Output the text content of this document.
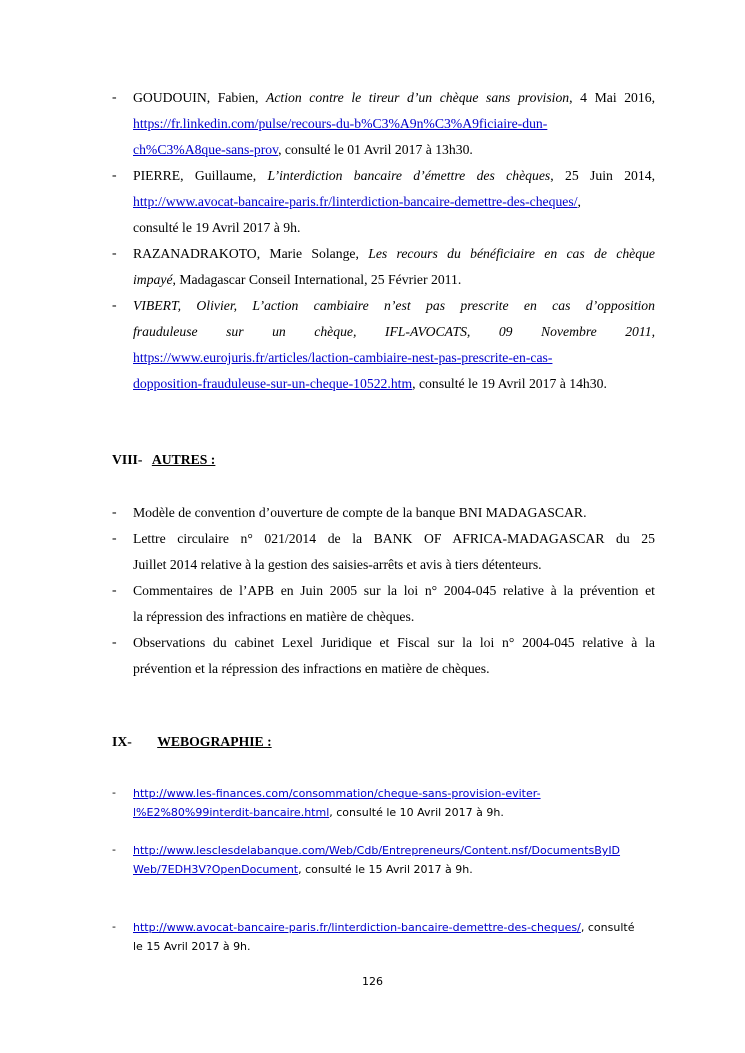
- GOUDOUIN, Fabien, Action contre le tireur d’un chèque sans provision, 4 Mai 2016,
https://fr.linkedin.com/pulse/recours-du-b%C3%A9n%C3%A9ficiaire-dun-
ch%C3%A8que-sans-prov, consulté le 01 Avril 2017 à 13h30.
- PIERRE, Guillaume, L’interdiction bancaire d’émettre des chèques, 25 Juin 2014,
http://www.avocat-bancaire-paris.fr/linterdiction-bancaire-demettre-des-cheques/,
consulté le 19 Avril 2017 à 9h.
- RAZANADRAKOTO, Marie Solange, Les recours du bénéficiaire en cas de chèque
impayé, Madagascar Conseil International, 25 Février 2011.
- VIBERT, Olivier, L’action cambiaire n’est pas prescrite en cas d’opposition
frauduleuse sur un chèque, IFL-AVOCATS, 09 Novembre 2011,
https://www.eurojuris.fr/articles/laction-cambiaire-nest-pas-prescrite-en-cas-
dopposition-frauduleuse-sur-un-cheque-10522.htm, consulté le 19 Avril 2017 à 14h30.
VIII- AUTRES :
- Modèle de convention d’ouverture de compte de la banque BNI MADAGASCAR.
- Lettre circulaire n° 021/2014 de la BANK OF AFRICA-MADAGASCAR du 25
Juillet 2014 relative à la gestion des saisies-arrêts et avis à tiers détenteurs.
- Commentaires de l’APB en Juin 2005 sur la loi n° 2004-045 relative à la prévention et
la répression des infractions en matière de chèques.
- Observations du cabinet Lexel Juridique et Fiscal sur la loi n° 2004-045 relative à la
prévention et la répression des infractions en matière de chèques.
IX- WEBOGRAPHIE :
- http://www.les-finances.com/consommation/cheque-sans-provision-eviter-
l%E2%80%99interdit-bancaire.html, consulté le 10 Avril 2017 à 9h.
- http://www.lesclesdelabanque.com/Web/Cdb/Entrepreneurs/Content.nsf/DocumentsByID
Web/7EDH3V?OpenDocument, consulté le 15 Avril 2017 à 9h.
- http://www.avocat-bancaire-paris.fr/linterdiction-bancaire-demettre-des-cheques/, consulté
le 15 Avril 2017 à 9h.
126
